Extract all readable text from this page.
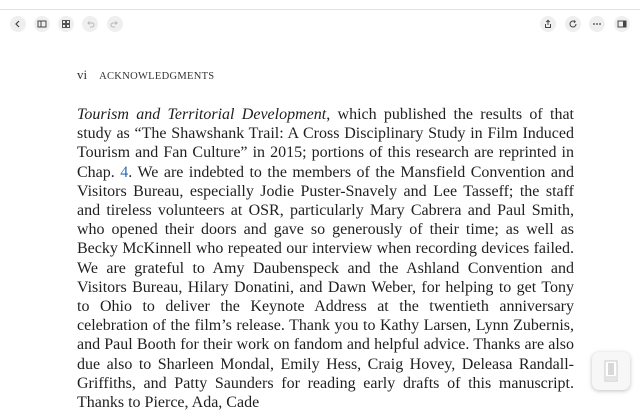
vi ACKNOWLEDGMENTS

Tourism and Territorial Development, which published the results of that study as “The Shawshank Trail: A Cross Disciplinary Study in Film Induced Tourism and Fan Culture” in 2015; portions of this research are reprinted in Chap. 4. We are indebted to the members of the Mansfield Convention and Visitors Bureau, especially Jodie Puster-Snavely and Lee Tasseff; the staff and tireless volunteers at OSR, particularly Mary Cabrera and Paul Smith, who opened their doors and gave so generously of their time; as well as Becky McKinnell who repeated our interview when recording devices failed. We are grateful to Amy Daubenspeck and the Ashland Convention and Visitors Bureau, Hilary Donatini, and Dawn Weber, for helping to get Tony to Ohio to deliver the Keynote Address at the twentieth anniversary celebration of the film’s release. Thank you to Kathy Larsen, Lynn Zubernis, and Paul Booth for their work on fandom and helpful advice. Thanks are also due also to Sharleen Mondal, Emily Hess, Craig Hovey, Deleasa Randall-Griffiths, and Patty Saunders for reading early drafts of this manuscript. Thanks to Pierce, Ada, Cade
